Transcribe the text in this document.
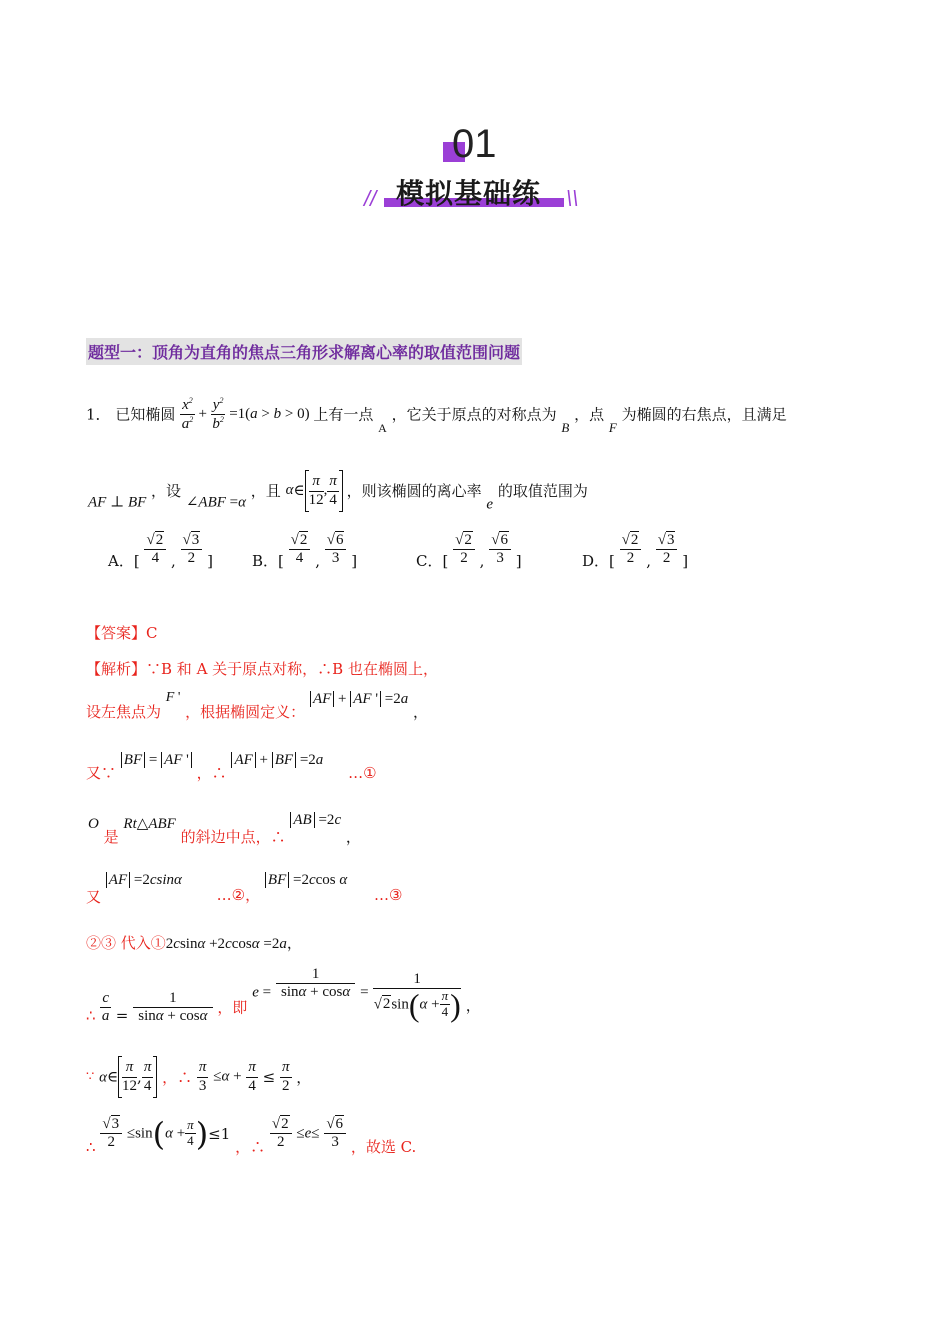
01
// 模拟基础练 \\
题型一：顶角为直角的焦点三角形求解离心率的取值范围问题
1． 已知椭圆 $\frac{x^2}{a^2} + \frac{y^2}{b^2} =1(a > b > 0)$ 上有一点 $_A$ ，它关于原点的对称点为 B ，点 F 为椭圆的右焦点，且满足
AF ⊥ BF ，设 ∠ABF =α ，且 α∈ $\frac{\pi}{12}$ , $\frac{\pi}{4}$ ，则该椭圆的离心率 e 的取值范围为
A．[ $\frac{√2}{4}$ , $\frac{√3}{2}$ ]	B．[ $\frac{√2}{4}$ , $\frac{√6}{3}$ ]	C．[ $\frac{√2}{2}$ , $\frac{√6}{3}$ ]	D．[ $\frac{√2}{2}$ , $\frac{√3}{2}$ ]
【答案】C
【解析】∵B 和 A 关于原点对称，∴B 也在椭圆上，
设左焦点为 F ' ，根据椭圆定义： AF + AF ' =2a ，
又∵ BF = AF ' ，∴ AF + BF =2a …①
O 是 Rt△ABF 的斜边中点，∴ AB =2c ，
又 AF =2csinα …②， BF =2ccos α …③
②③ 代入①2csinα +2ccosα =2a，
∴ $\frac{c}{a} = \frac{1}{\sin\alpha + \cos\alpha}$ ，即 $e = \frac{1}{\sin\alpha + \cos\alpha} = \frac{1}{√2\sin(\alpha + \frac{\pi}{4} )}$ ，
∵ α∈ $\frac{\pi}{12}$ , $\frac{\pi}{4}$ ，∴ $\frac{\pi}{3} \le\alpha + \frac{\pi}{4} \le \frac{\pi}{2}$ ，
∴ $\frac{√3}{2} \le\sin(\alpha + \frac{\pi}{4} )\le 1$ ，∴ $\frac{√2}{2} \le e\le \frac{√6}{3}$ ，故选 C.
